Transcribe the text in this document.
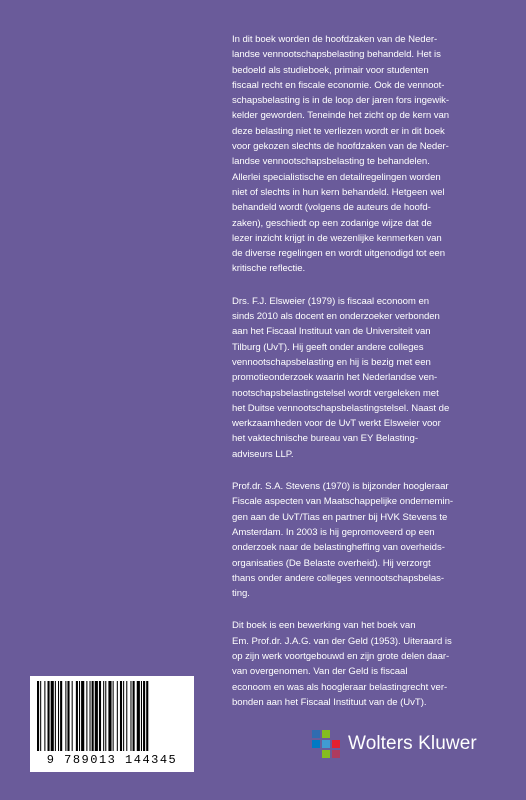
In dit boek worden de hoofdzaken van de Neder-
landse vennootschapsbelasting behandeld. Het is
bedoeld als studieboek, primair voor studenten
fiscaal recht en fiscale economie. Ook de vennoot-
schapsbelasting is in de loop der jaren fors ingewik-
kelder geworden. Teneinde het zicht op de kern van
deze belasting niet te verliezen wordt er in dit boek
voor gekozen slechts de hoofdzaken van de Neder-
landse vennootschapsbelasting te behandelen.
Allerlei specialistische en detailregelingen worden
niet of slechts in hun kern behandeld. Hetgeen wel
behandeld wordt (volgens de auteurs de hoofd-
zaken), geschiedt op een zodanige wijze dat de
lezer inzicht krijgt in de wezenlijke kenmerken van
de diverse regelingen en wordt uitgenodigd tot een
kritische reflectie.

Drs. F.J. Elsweier (1979) is fiscaal econoom en
sinds 2010 als docent en onderzoeker verbonden
aan het Fiscaal Instituut van de Universiteit van
Tilburg (UvT). Hij geeft onder andere colleges
vennootschapsbelasting en hij is bezig met een
promotieonderzoek waarin het Nederlandse ven-
nootschapsbelastingstelsel wordt vergeleken met
het Duitse vennootschapsbelastingstelsel. Naast de
werkzaamheden voor de UvT werkt Elsweier voor
het vaktechnische bureau van EY Belasting-
adviseurs LLP.

Prof.dr. S.A. Stevens (1970) is bijzonder hoogleraar
Fiscale aspecten van Maatschappelijke ondernemin-
gen aan de UvT/Tias en partner bij HVK Stevens te
Amsterdam. In 2003 is hij gepromoveerd op een
onderzoek naar de belastingheffing van overheids-
organisaties (De Belaste overheid). Hij verzorgt
thans onder andere colleges vennootschapsbelas-
ting.

Dit boek is een bewerking van het boek van
Em. Prof.dr. J.A.G. van der Geld (1953). Uiteraard is
op zijn werk voortgebouwd en zijn grote delen daar-
van overgenomen. Van der Geld is fiscaal
econoom en was als hoogleraar belastingrecht ver-
bonden aan het Fiscaal Instituut van de (UvT).

9 789013 144345
Wolters Kluwer
